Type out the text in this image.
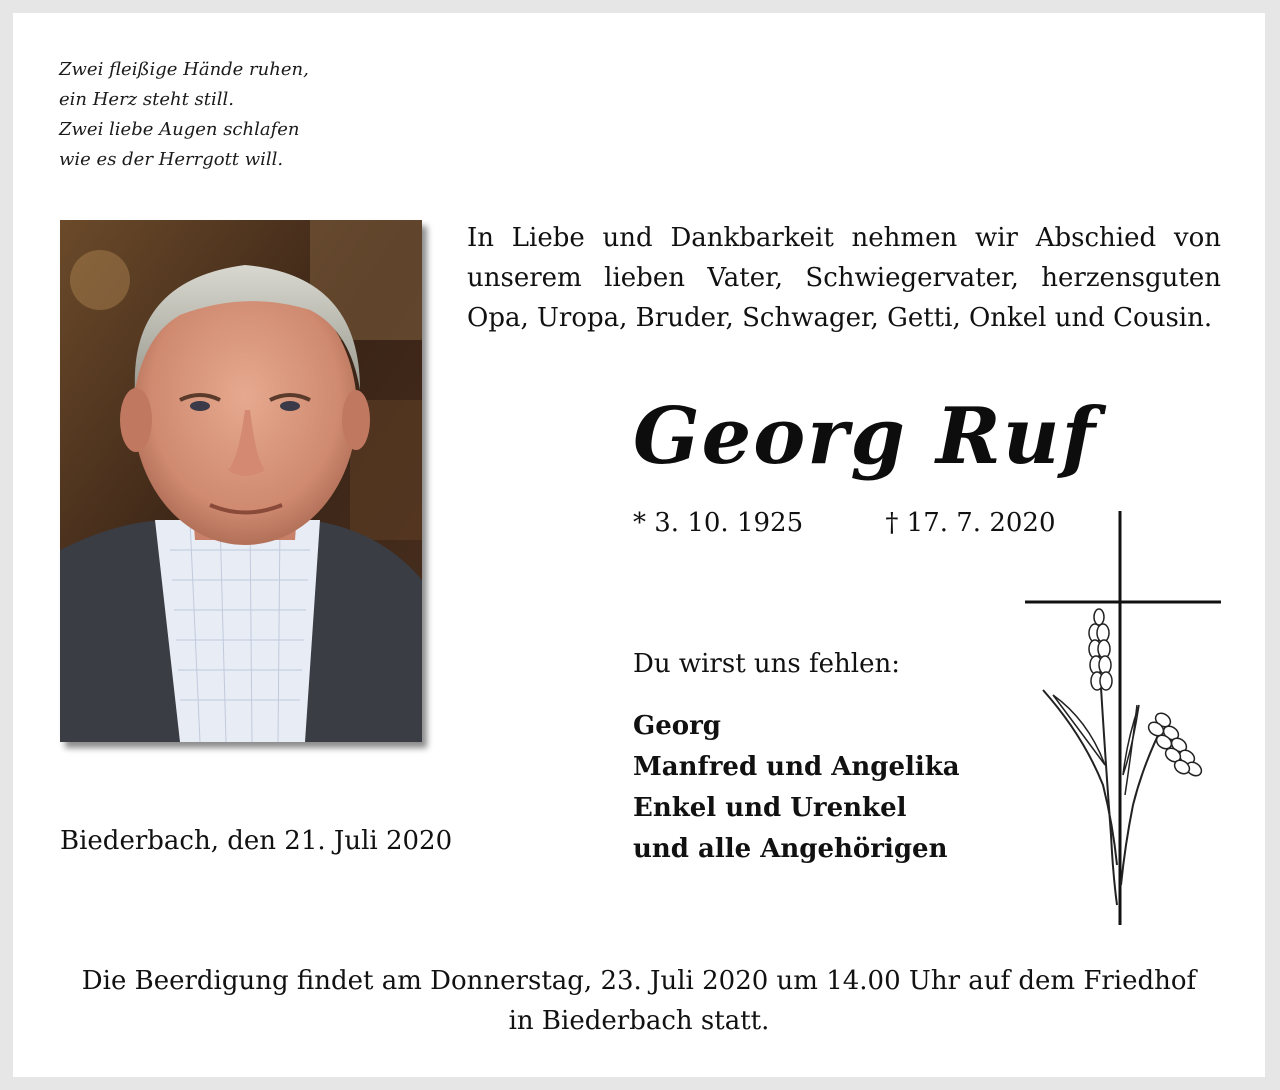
Zwei fleißige Hände ruhen,
ein Herz steht still.
Zwei liebe Augen schlafen
wie es der Herrgott will.
In Liebe und Dankbarkeit nehmen wir Abschied von
unserem lieben Vater, Schwiegervater, herzensguten
Opa, Uropa, Bruder, Schwager, Getti, Onkel und Cousin.
Georg Ruf
* 3. 10. 1925	† 17. 7. 2020
Du wirst uns fehlen:
Georg
Manfred und Angelika
Enkel und Urenkel
und alle Angehörigen
Biederbach, den 21. Juli 2020
Die Beerdigung findet am Donnerstag, 23. Juli 2020 um 14.00 Uhr auf dem Friedhof
in Biederbach statt.
